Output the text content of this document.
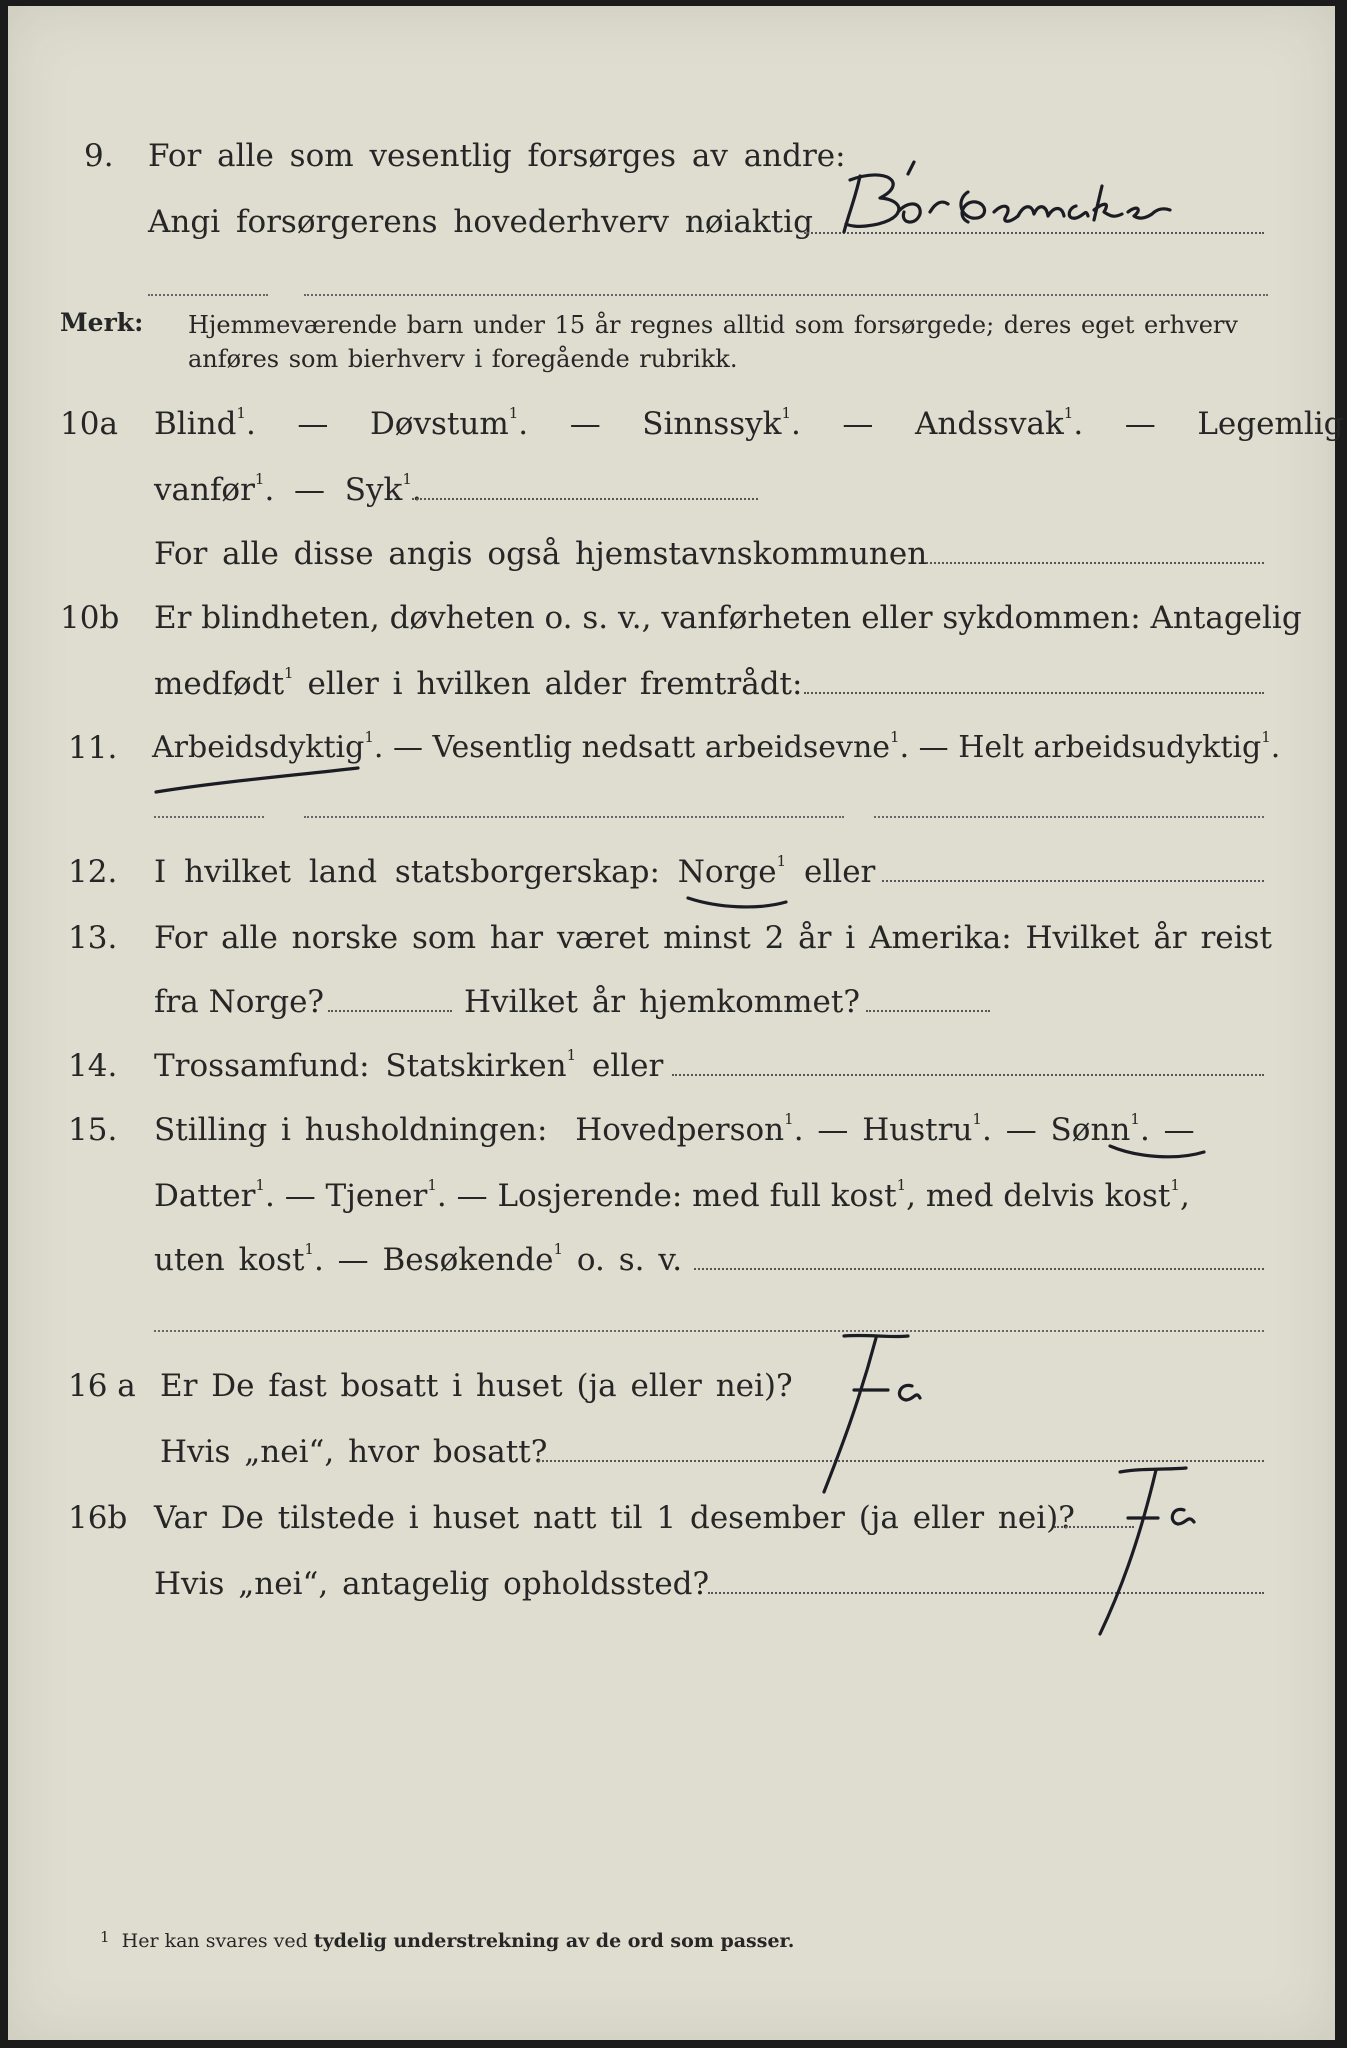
9. For alle som vesentlig forsørges av andre:
Angi forsørgerens hovederhverv nøiaktig
Merk: Hjemmeværende barn under 15 år regnes alltid som forsørgede; deres eget erhverv
anføres som bierhverv i foregående rubrikk.
10a Blind$^1$. — Døvstum$^1$. — Sinnssyk$^1$. — Andssvak$^1$. — Legemlig
vanfør$^1$. — Syk$^1$.
For alle disse angis også hjemstavnskommunen
10b Er blindheten, døvheten o. s. v., vanførheten eller sykdommen: Antagelig
medfødt$^1$ eller i hvilken alder fremtrådt:
11. Arbeidsdyktig$^1$. — Vesentlig nedsatt arbeidsevne$^1$. — Helt arbeidsudyktig$^1$.
12. I hvilket land statsborgerskap: Norge$^1$ eller
13. For alle norske som har været minst 2 år i Amerika: Hvilket år reist
fra Norge?	Hvilket år hjemkommet?
14. Trossamfund: Statskirken$^1$ eller
15. Stilling i husholdningen: Hovedperson$^1$. — Hustru$^1$. — Sønn$^1$. —
Datter$^1$. — Tjener$^1$. — Losjerende: med full kost$^1$, med delvis kost$^1$,
uten kost$^1$. — Besøkende$^1$ o. s. v.
16 a Er De fast bosatt i huset (ja eller nei)?
Hvis „nei“, hvor bosatt?
16b Var De tilstede i huset natt til 1 desember (ja eller nei)?
Hvis „nei“, antagelig opholdssted?
$^1$ Her kan svares ved tydelig understrekning av de ord som passer.
